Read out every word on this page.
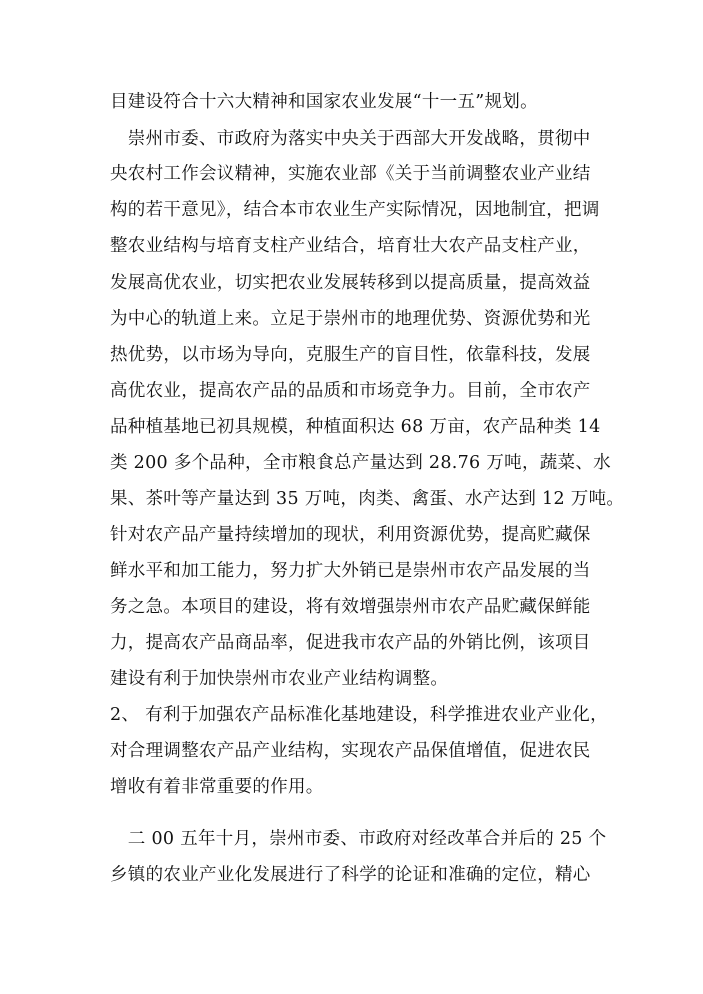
目建设符合十六大精神和国家农业发展“十一五”规划。
　崇州市委、市政府为落实中央关于西部大开发战略，贯彻中
央农村工作会议精神，实施农业部《关于当前调整农业产业结
构的若干意见》，结合本市农业生产实际情况，因地制宜，把调
整农业结构与培育支柱产业结合，培育壮大农产品支柱产业，
发展高优农业，切实把农业发展转移到以提高质量，提高效益
为中心的轨道上来。立足于崇州市的地理优势、资源优势和光
热优势，以市场为导向，克服生产的盲目性，依靠科技，发展
高优农业，提高农产品的品质和市场竞争力。目前，全市农产
品种植基地已初具规模，种植面积达 68 万亩，农产品种类 14
类 200 多个品种，全市粮食总产量达到 28.76 万吨，蔬菜、水
果、茶叶等产量达到 35 万吨，肉类、禽蛋、水产达到 12 万吨。
针对农产品产量持续增加的现状，利用资源优势，提高贮藏保
鲜水平和加工能力，努力扩大外销已是崇州市农产品发展的当
务之急。本项目的建设，将有效增强崇州市农产品贮藏保鲜能
力，提高农产品商品率，促进我市农产品的外销比例，该项目
建设有利于加快崇州市农业产业结构调整。
2、 有利于加强农产品标准化基地建设，科学推进农业产业化，
对合理调整农产品产业结构，实现农产品保值增值，促进农民
增收有着非常重要的作用。
　二 00 五年十月，崇州市委、市政府对经改革合并后的 25 个
乡镇的农业产业化发展进行了科学的论证和准确的定位，精心
